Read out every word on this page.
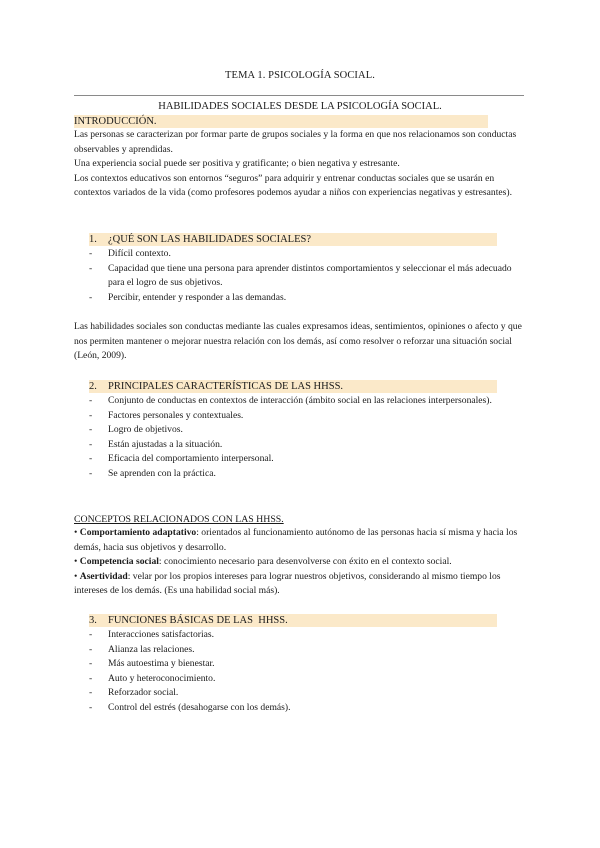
TEMA 1. PSICOLOGÍA SOCIAL.
HABILIDADES SOCIALES DESDE LA PSICOLOGÍA SOCIAL.
INTRODUCCIÓN.

Las personas se caracterizan por formar parte de grupos sociales y la forma en que nos relacionamos son conductas observables y aprendidas.

Una experiencia social puede ser positiva y gratificante; o bien negativa y estresante.

Los contextos educativos son entornos “seguros” para adquirir y entrenar conductas sociales que se usarán en contextos variados de la vida (como profesores podemos ayudar a niños con experiencias negativas y estresantes).

1. ¿QUÉ SON LAS HABILIDADES SOCIALES?
- Difícil contexto.
- Capacidad que tiene una persona para aprender distintos comportamientos y seleccionar el más adecuado para el logro de sus objetivos.
- Percibir, entender y responder a las demandas.

Las habilidades sociales son conductas mediante las cuales expresamos ideas, sentimientos, opiniones o afecto y que nos permiten mantener o mejorar nuestra relación con los demás, así como resolver o reforzar una situación social (León, 2009).

2. PRINCIPALES CARACTERÍSTICAS DE LAS HHSS.
- Conjunto de conductas en contextos de interacción (ámbito social en las relaciones interpersonales).
- Factores personales y contextuales.
- Logro de objetivos.
- Están ajustadas a la situación.
- Eficacia del comportamiento interpersonal.
- Se aprenden con la práctica.
CONCEPTOS RELACIONADOS CON LAS HHSS.

• Comportamiento adaptativo: orientados al funcionamiento autónomo de las personas hacia sí misma y hacia los demás, hacia sus objetivos y desarrollo.

• Competencia social: conocimiento necesario para desenvolverse con éxito en el contexto social.

• Asertividad: velar por los propios intereses para lograr nuestros objetivos, considerando al mismo tiempo los intereses de los demás. (Es una habilidad social más).

3. FUNCIONES BÁSICAS DE LAS  HHSS.
- Interacciones satisfactorias.
- Alianza las relaciones.
- Más autoestima y bienestar.
- Auto y heteroconocimiento.
- Reforzador social.
- Control del estrés (desahogarse con los demás).
